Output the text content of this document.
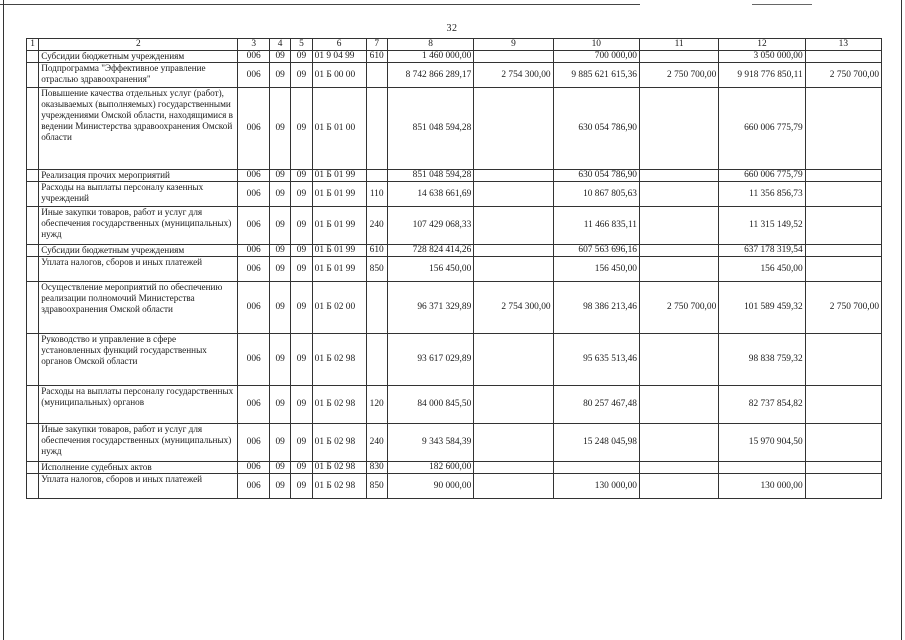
32
1	2	3	4	5	6	7	8	9	10	11	12	13
	Субсидии бюджетным учреждениям	006	09	09	01 9 04 99	610	1 460 000,00		700 000,00		3 050 000,00	
	Подпрограмма "Эффективное управление отраслью здравоохранения"	006	09	09	01 Б 00 00		8 742 866 289,17	2 754 300,00	9 885 621 615,36	2 750 700,00	9 918 776 850,11	2 750 700,00
	Повышение качества отдельных услуг (работ), оказываемых (выполняемых) государственными учреждениями Омской области, находящимися в ведении Министерства здравоохранения Омской области	006	09	09	01 Б 01 00		851 048 594,28		630 054 786,90		660 006 775,79	
	Реализация прочих мероприятий	006	09	09	01 Б 01 99		851 048 594,28		630 054 786,90		660 006 775,79	
	Расходы на выплаты персоналу казенных учреждений	006	09	09	01 Б 01 99	110	14 638 661,69		10 867 805,63		11 356 856,73	
	Иные закупки товаров, работ и услуг для обеспечения государственных (муниципальных) нужд	006	09	09	01 Б 01 99	240	107 429 068,33		11 466 835,11		11 315 149,52	
	Субсидии бюджетным учреждениям	006	09	09	01 Б 01 99	610	728 824 414,26		607 563 696,16		637 178 319,54	
	Уплата налогов, сборов и иных платежей	006	09	09	01 Б 01 99	850	156 450,00		156 450,00		156 450,00	
	Осуществление мероприятий по обеспечению реализации полномочий Министерства здравоохранения Омской области	006	09	09	01 Б 02 00		96 371 329,89	2 754 300,00	98 386 213,46	2 750 700,00	101 589 459,32	2 750 700,00
	Руководство и управление в сфере установленных функций государственных органов Омской области	006	09	09	01 Б 02 98		93 617 029,89		95 635 513,46		98 838 759,32	
	Расходы на выплаты персоналу государственных (муниципальных) органов	006	09	09	01 Б 02 98	120	84 000 845,50		80 257 467,48		82 737 854,82	
	Иные закупки товаров, работ и услуг для обеспечения государственных (муниципальных) нужд	006	09	09	01 Б 02 98	240	9 343 584,39		15 248 045,98		15 970 904,50	
	Исполнение судебных актов	006	09	09	01 Б 02 98	830	182 600,00					
	Уплата налогов, сборов и иных платежей	006	09	09	01 Б 02 98	850	90 000,00		130 000,00		130 000,00	
